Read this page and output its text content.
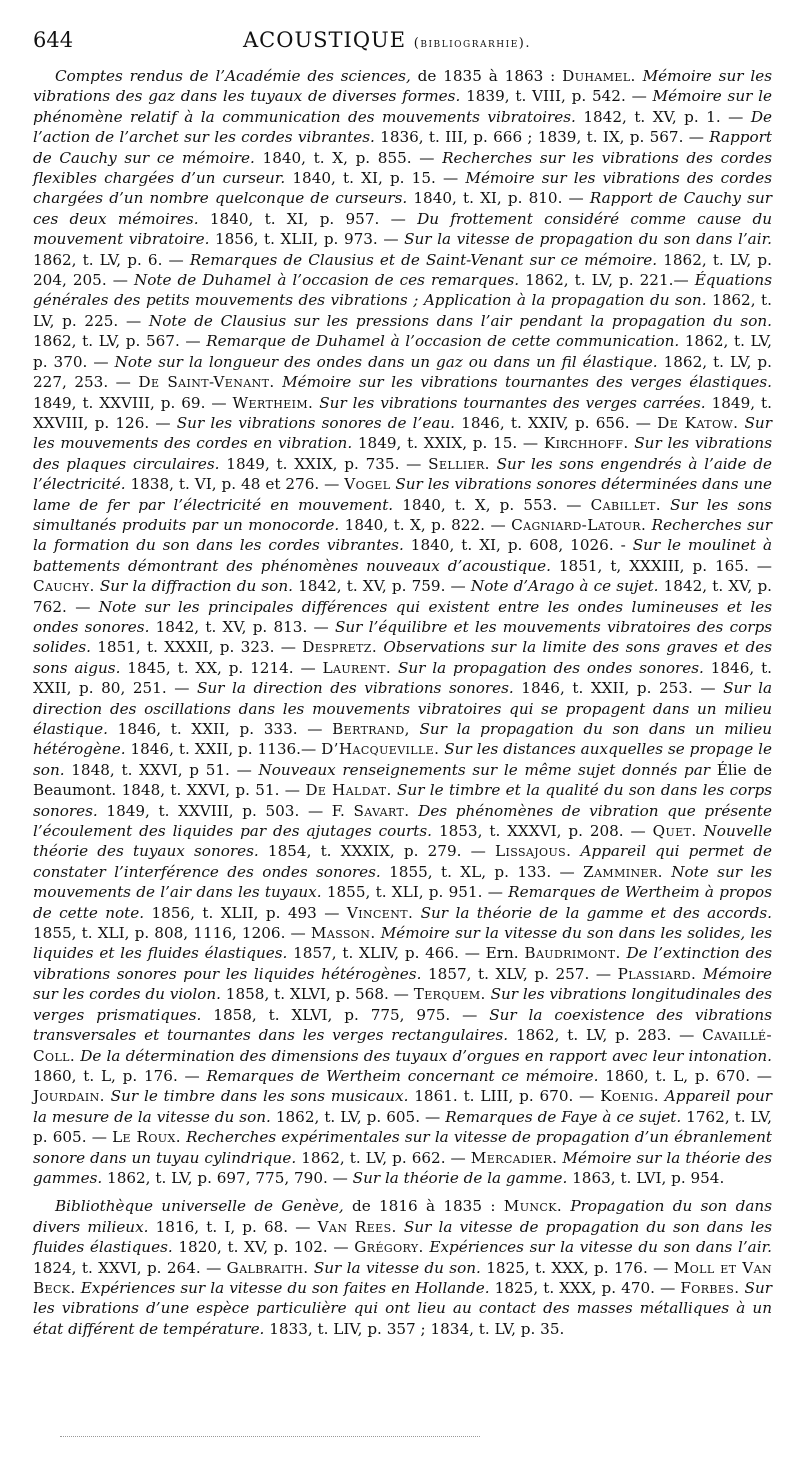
644	ACOUSTIQUE (bibliograrhie).

Comptes rendus de l’Académie des sciences, de 1835 à 1863 : Duhamel. Mémoire sur les vibrations des gaz dans les tuyaux de diverses formes. 1839, t. VIII, p. 542. — Mémoire sur le phénomène relatif à la communication des mouvements vibratoires. 1842, t. XV, p. 1. — De l’action de l’archet sur les cordes vibrantes. 1836, t. III, p. 666 ; 1839, t. IX, p. 567. — Rapport de Cauchy sur ce mémoire. 1840, t. X, p. 855. — Recherches sur les vibrations des cordes flexibles chargées d’un curseur. 1840, t. XI, p. 15. — Mémoire sur les vibrations des cordes chargées d’un nombre quelconque de curseurs. 1840, t. XI, p. 810. — Rapport de Cauchy sur ces deux mémoires. 1840, t. XI, p. 957. — Du frottement considéré comme cause du mouvement vibratoire. 1856, t. XLII, p. 973. — Sur la vitesse de propagation du son dans l’air. 1862, t. LV, p. 6. — Remarques de Clausius et de Saint-Venant sur ce mémoire. 1862, t. LV, p. 204, 205. — Note de Duhamel à l’occasion de ces remarques. 1862, t. LV, p. 221.— Équations générales des petits mouvements des vibrations ; Application à la propagation du son. 1862, t. LV, p. 225. — Note de Clausius sur les pressions dans l’air pendant la propagation du son. 1862, t. LV, p. 567. — Remarque de Duhamel à l’occasion de cette communication. 1862, t. LV, p. 370. — Note sur la longueur des ondes dans un gaz ou dans un fil élastique. 1862, t. LV, p. 227, 253. — De Saint-Venant. Mémoire sur les vibrations tournantes des verges élastiques. 1849, t. XXVIII, p. 69. — Wertheim. Sur les vibrations tournantes des verges carrées. 1849, t. XXVIII, p. 126. — Sur les vibrations sonores de l’eau. 1846, t. XXIV, p. 656. — De Katow. Sur les mouvements des cordes en vibration. 1849, t. XXIX, p. 15. — Kirchhoff. Sur les vibrations des plaques circulaires. 1849, t. XXIX, p. 735. — Sellier. Sur les sons engendrés à l’aide de l’électricité. 1838, t. VI, p. 48 et 276. — Vogel Sur les vibrations sonores déterminées dans une lame de fer par l’électricité en mouvement. 1840, t. X, p. 553. — Cabillet. Sur les sons simultanés produits par un monocorde. 1840, t. X, p. 822. — Cagniard-Latour. Recherches sur la formation du son dans les cordes vibrantes. 1840, t. XI, p. 608, 1026. - Sur le moulinet à battements démontrant des phénomènes nouveaux d’acoustique. 1851, t, XXXIII, p. 165. — Cauchy. Sur la diffraction du son. 1842, t. XV, p. 759. — Note d’Arago à ce sujet. 1842, t. XV, p. 762. — Note sur les principales différences qui existent entre les ondes lumineuses et les ondes sonores. 1842, t. XV, p. 813. — Sur l’équilibre et les mouvements vibratoires des corps solides. 1851, t. XXXII, p. 323. — Despretz. Observations sur la limite des sons graves et des sons aigus. 1845, t. XX, p. 1214. — Laurent. Sur la propagation des ondes sonores. 1846, t. XXII, p. 80, 251. — Sur la direction des vibrations sonores. 1846, t. XXII, p. 253. — Sur la direction des oscillations dans les mouvements vibratoires qui se propagent dans un milieu élastique. 1846, t. XXII, p. 333. — Bertrand, Sur la propagation du son dans un milieu hétérogène. 1846, t. XXII, p. 1136.— D’Hacqueville. Sur les distances auxquelles se propage le son. 1848, t. XXVI, p 51. — Nouveaux renseignements sur le même sujet donnés par Élie de Beaumont. 1848, t. XXVI, p. 51. — De Haldat. Sur le timbre et la qualité du son dans les corps sonores. 1849, t. XXVIII, p. 503. — F. Savart. Des phénomènes de vibration que présente l’écoulement des liquides par des ajutages courts. 1853, t. XXXVI, p. 208. — Quet. Nouvelle théorie des tuyaux sonores. 1854, t. XXXIX, p. 279. — Lissajous. Appareil qui permet de constater l’interférence des ondes sonores. 1855, t. XL, p. 133. — Zamminer. Note sur les mouvements de l’air dans les tuyaux. 1855, t. XLI, p. 951. — Remarques de Wertheim à propos de cette note. 1856, t. XLII, p. 493 — Vincent. Sur la théorie de la gamme et des accords. 1855, t. XLI, p. 808, 1116, 1206. — Masson. Mémoire sur la vitesse du son dans les solides, les liquides et les fluides élastiques. 1857, t. XLIV, p. 466. — Ern. Baudrimont. De l’extinction des vibrations sonores pour les liquides hétérogènes. 1857, t. XLV, p. 257. — Plassiard. Mémoire sur les cordes du violon. 1858, t. XLVI, p. 568. — Terquem. Sur les vibrations longitudinales des verges prismatiques. 1858, t. XLVI, p. 775, 975. — Sur la coexistence des vibrations transversales et tournantes dans les verges rectangulaires. 1862, t. LV, p. 283. — Cavaillé-Coll. De la détermination des dimensions des tuyaux d’orgues en rapport avec leur intonation. 1860, t. L, p. 176. — Remarques de Wertheim concernant ce mémoire. 1860, t. L, p. 670. — Jourdain. Sur le timbre dans les sons musicaux. 1861. t. LIII, p. 670. — Koenig. Appareil pour la mesure de la vitesse du son. 1862, t. LV, p. 605. — Remarques de Faye à ce sujet. 1762, t. LV, p. 605. — Le Roux. Recherches expérimentales sur la vitesse de propagation d’un ébranlement sonore dans un tuyau cylindrique. 1862, t. LV, p. 662. — Mercadier. Mémoire sur la théorie des gammes. 1862, t. LV, p. 697, 775, 790. — Sur la théorie de la gamme. 1863, t. LVI, p. 954.

Bibliothèque universelle de Genève, de 1816 à 1835 : Munck. Propagation du son dans divers milieux. 1816, t. I, p. 68. — Van Rees. Sur la vitesse de propagation du son dans les fluides élastiques. 1820, t. XV, p. 102. — Grégory. Expériences sur la vitesse du son dans l’air. 1824, t. XXVI, p. 264. — Galbraith. Sur la vitesse du son. 1825, t. XXX, p. 176. — Moll et Van Beck. Expériences sur la vitesse du son faites en Hollande. 1825, t. XXX, p. 470. — Forbes. Sur les vibrations d’une espèce particulière qui ont lieu au contact des masses métalliques à un état différent de température. 1833, t. LIV, p. 357 ; 1834, t. LV, p. 35.
